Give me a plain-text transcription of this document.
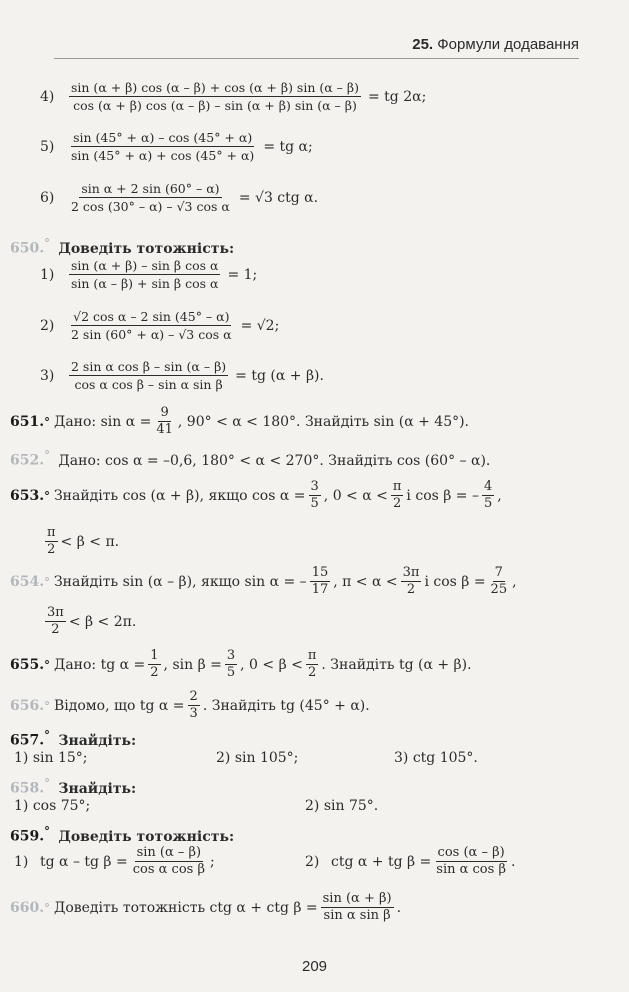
25. Формули додавання
4)	$\frac{\sin (\alpha + \beta) \cos (\alpha - \beta) + \cos (\alpha + \beta) \sin (\alpha - \beta)}{\cos (\alpha + \beta) \cos (\alpha - \beta) - \sin (\alpha + \beta) \sin (\alpha - \beta)}$ = tg 2α;
5)	$\frac{\sin (45^\circ + \alpha) - \cos (45^\circ + \alpha)}{\sin (45^\circ + \alpha) + \cos (45^\circ + \alpha)}$ = tg α;
6)	$\frac{\text{sin α + 2 sin (60° – α)}}{\text{2 cos (30° – α) – √3 cos α}} = √3$ ctg α.
650.° Доведіть тотожність:
1)	$\frac{\text{sin (α + β) – sin β cos α}}{\text{sin (α – β) + sin β cos α}} = 1$;
2)	$\frac{\text{√2 cos α – 2 sin (45° – α)}}{\text{2 sin (60° + α) – √3 cos α}} = √2$;
3)	$\frac{\text{2 sin α cos β – sin (α – β)}}{\text{cos α cos β – sin α sin β}}$ = tg (α + β).
651. ° Дано: $\sin \alpha = \frac{9}{41}$ , 90° < α < 180°. Знайдіть sin (α + 45°).
652.° Дано: cos α = –0,6, 180° < α < 270°. Знайдіть cos (60° – α).
653. ° Знайдіть cos (α + β), якщо $\cos \alpha = \frac{3}{5}$ , $0 < \alpha < \frac{\pi}{2}$ і cos β = – $\frac{4}{5}$ ,
$\frac{\pi}{2} < \beta < \pi$.
654. ° Знайдіть sin (α – β), якщо sin α = – $\frac{15}{17}$ , $\pi < \alpha < \frac{3\pi}{2}$ і $\cos \beta = \frac{7}{25}$ ,
$\frac{3\pi}{2} < \beta < 2\pi$.
655. ° Дано: tg $\alpha = \frac{1}{2}$ , $\sin \beta = \frac{3}{5}$ , $0 < \beta < \frac{\pi}{2}$ . Знайдіть tg (α + β).
656. ° Відомо, що tg $\alpha = \frac{2}{3}$ . Знайдіть tg (45° + α).
657.° Знайдіть:
1) sin 15°;	2) sin 105°;	3) ctg 105°.
658.° Знайдіть:
1) cos 75°;	2) sin 75°.
659.° Доведіть тотожність:
1) tg α – tg $\beta = \frac{\sin (\alpha - \beta)}{\text{cos α cos β}}$ ;	2) ctg α + tg $\beta = \frac{\cos (\alpha - \beta)}{\text{sin α cos β}}$ .
660. ° Доведіть тотожність ctg α + ctg $\beta = \frac{\sin (\alpha + \beta)}{\text{sin α sin β}}$ .
209
